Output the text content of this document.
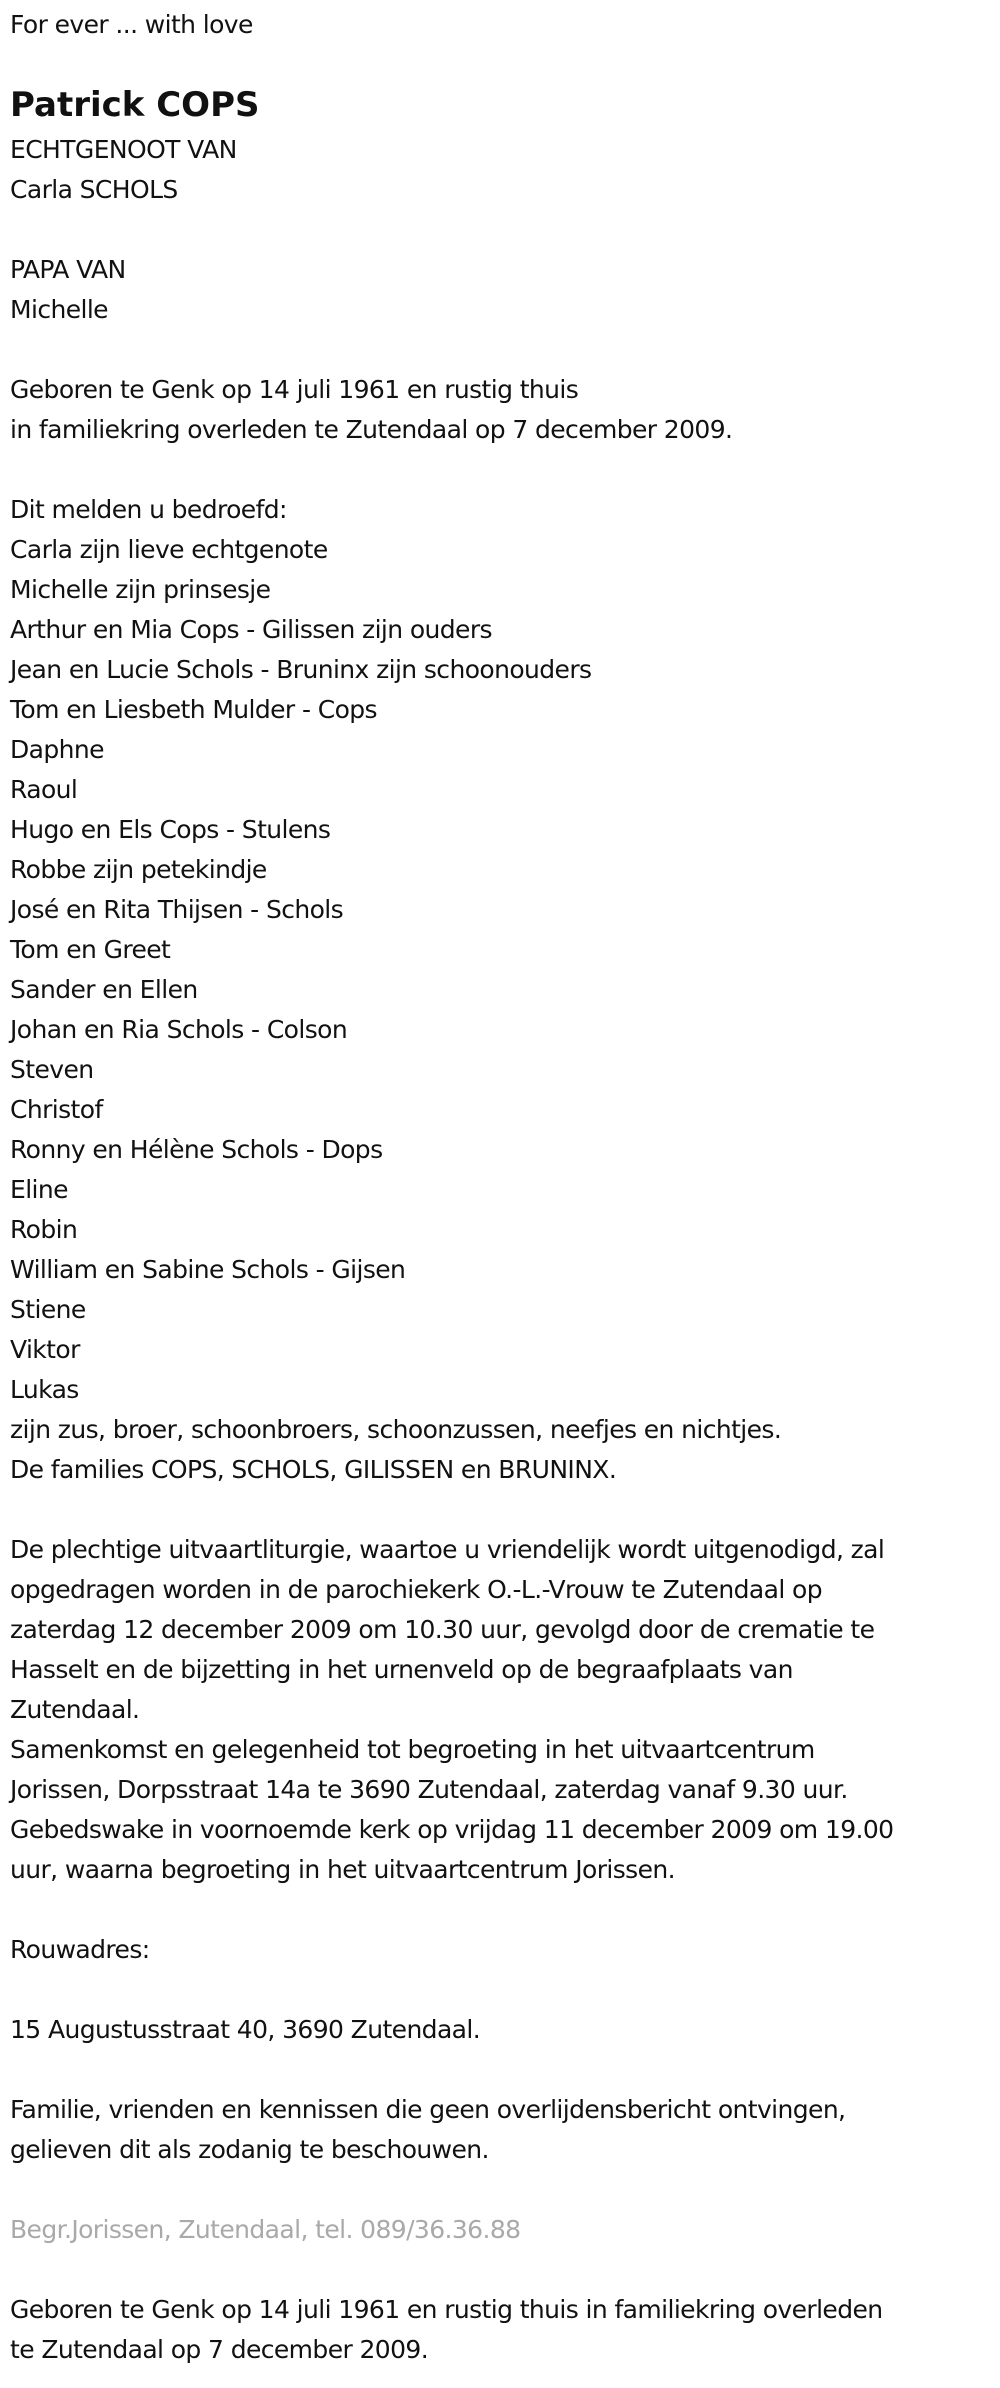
For ever ... with love
Patrick COPS
ECHTGENOOT VAN
Carla SCHOLS
PAPA VAN
Michelle
Geboren te Genk op 14 juli 1961 en rustig thuis
in familiekring overleden te Zutendaal op 7 december 2009.
Dit melden u bedroefd:
Carla zijn lieve echtgenote
Michelle zijn prinsesje
Arthur en Mia Cops - Gilissen zijn ouders
Jean en Lucie Schols - Bruninx zijn schoonouders
Tom en Liesbeth Mulder - Cops
Daphne
Raoul
Hugo en Els Cops - Stulens
Robbe zijn petekindje
José en Rita Thijsen - Schols
Tom en Greet
Sander en Ellen
Johan en Ria Schols - Colson
Steven
Christof
Ronny en Hélène Schols - Dops
Eline
Robin
William en Sabine Schols - Gijsen
Stiene
Viktor
Lukas
zijn zus, broer, schoonbroers, schoonzussen, neefjes en nichtjes.
De families COPS, SCHOLS, GILISSEN en BRUNINX.
De plechtige uitvaartliturgie, waartoe u vriendelijk wordt uitgenodigd, zal
opgedragen worden in de parochiekerk O.-L.-Vrouw te Zutendaal op
zaterdag 12 december 2009 om 10.30 uur, gevolgd door de crematie te
Hasselt en de bijzetting in het urnenveld op de begraafplaats van
Zutendaal.
Samenkomst en gelegenheid tot begroeting in het uitvaartcentrum
Jorissen, Dorpsstraat 14a te 3690 Zutendaal, zaterdag vanaf 9.30 uur.
Gebedswake in voornoemde kerk op vrijdag 11 december 2009 om 19.00
uur, waarna begroeting in het uitvaartcentrum Jorissen.
Rouwadres:
15 Augustusstraat 40, 3690 Zutendaal.
Familie, vrienden en kennissen die geen overlijdensbericht ontvingen,
gelieven dit als zodanig te beschouwen.
Begr.Jorissen, Zutendaal, tel. 089/36.36.88
Geboren te Genk op 14 juli 1961 en rustig thuis in familiekring overleden
te Zutendaal op 7 december 2009.
